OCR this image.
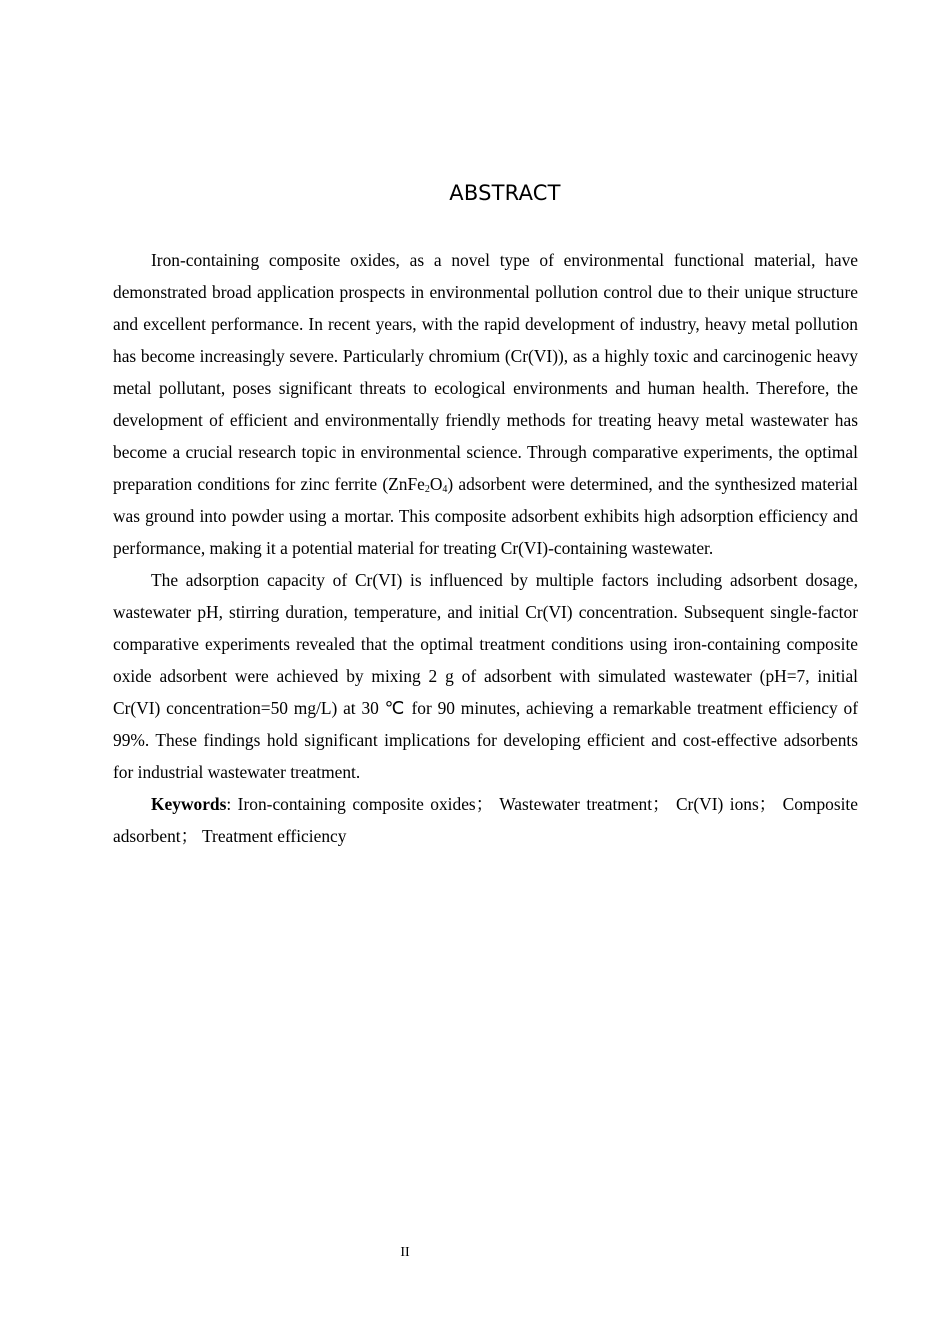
ABSTRACT

Iron-containing composite oxides, as a novel type of environmental functional material, have demonstrated broad application prospects in environmental pollution control due to their unique structure and excellent performance. In recent years, with the rapid development of industry, heavy metal pollution has become increasingly severe. Particularly chromium (Cr(VI)), as a highly toxic and carcinogenic heavy metal pollutant, poses significant threats to ecological environments and human health. Therefore, the development of efficient and environmentally friendly methods for treating heavy metal wastewater has become a crucial research topic in environmental science. Through comparative experiments, the optimal preparation conditions for zinc ferrite $(ZnFe_2O_4)$ adsorbent were determined, and the synthesized material was ground into powder using a mortar. This composite adsorbent exhibits high adsorption efficiency and performance, making it a potential material for treating Cr(VI)-containing wastewater.

The adsorption capacity of Cr(VI) is influenced by multiple factors including adsorbent dosage, wastewater pH, stirring duration, temperature, and initial Cr(VI) concentration. Subsequent single-factor comparative experiments revealed that the optimal treatment conditions using iron-containing composite oxide adsorbent were achieved by mixing 2 g of adsorbent with simulated wastewater (pH=7, initial Cr(VI) concentration=50 mg/L) at 30 ℃ for 90 minutes, achieving a remarkable treatment efficiency of 99%. These findings hold significant implications for developing efficient and cost-effective adsorbents for industrial wastewater treatment.

Keywords: Iron-containing composite oxides； Wastewater treatment； Cr(VI) ions； Composite adsorbent； Treatment efficiency

II
